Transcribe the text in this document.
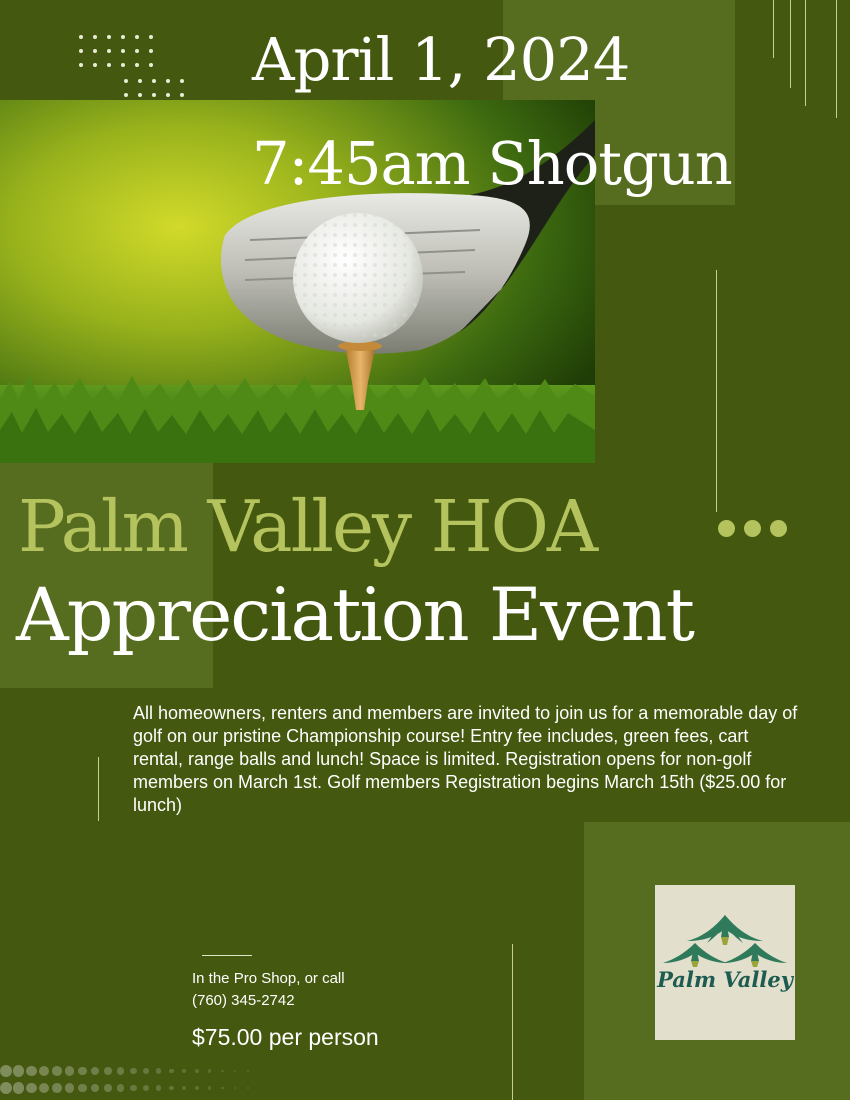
April 1, 2024
7:45am Shotgun
Palm Valley HOA
Appreciation Event

All homeowners, renters and members are invited to join us for a memorable day of golf on our pristine Championship course! Entry fee includes, green fees, cart rental, range balls and lunch! Space is limited. Registration opens for non-golf members on March 1st. Golf members Registration begins March 15th ($25.00 for lunch)

In the Pro Shop, or call
(760) 345-2742
$75.00 per person
Palm Valley
